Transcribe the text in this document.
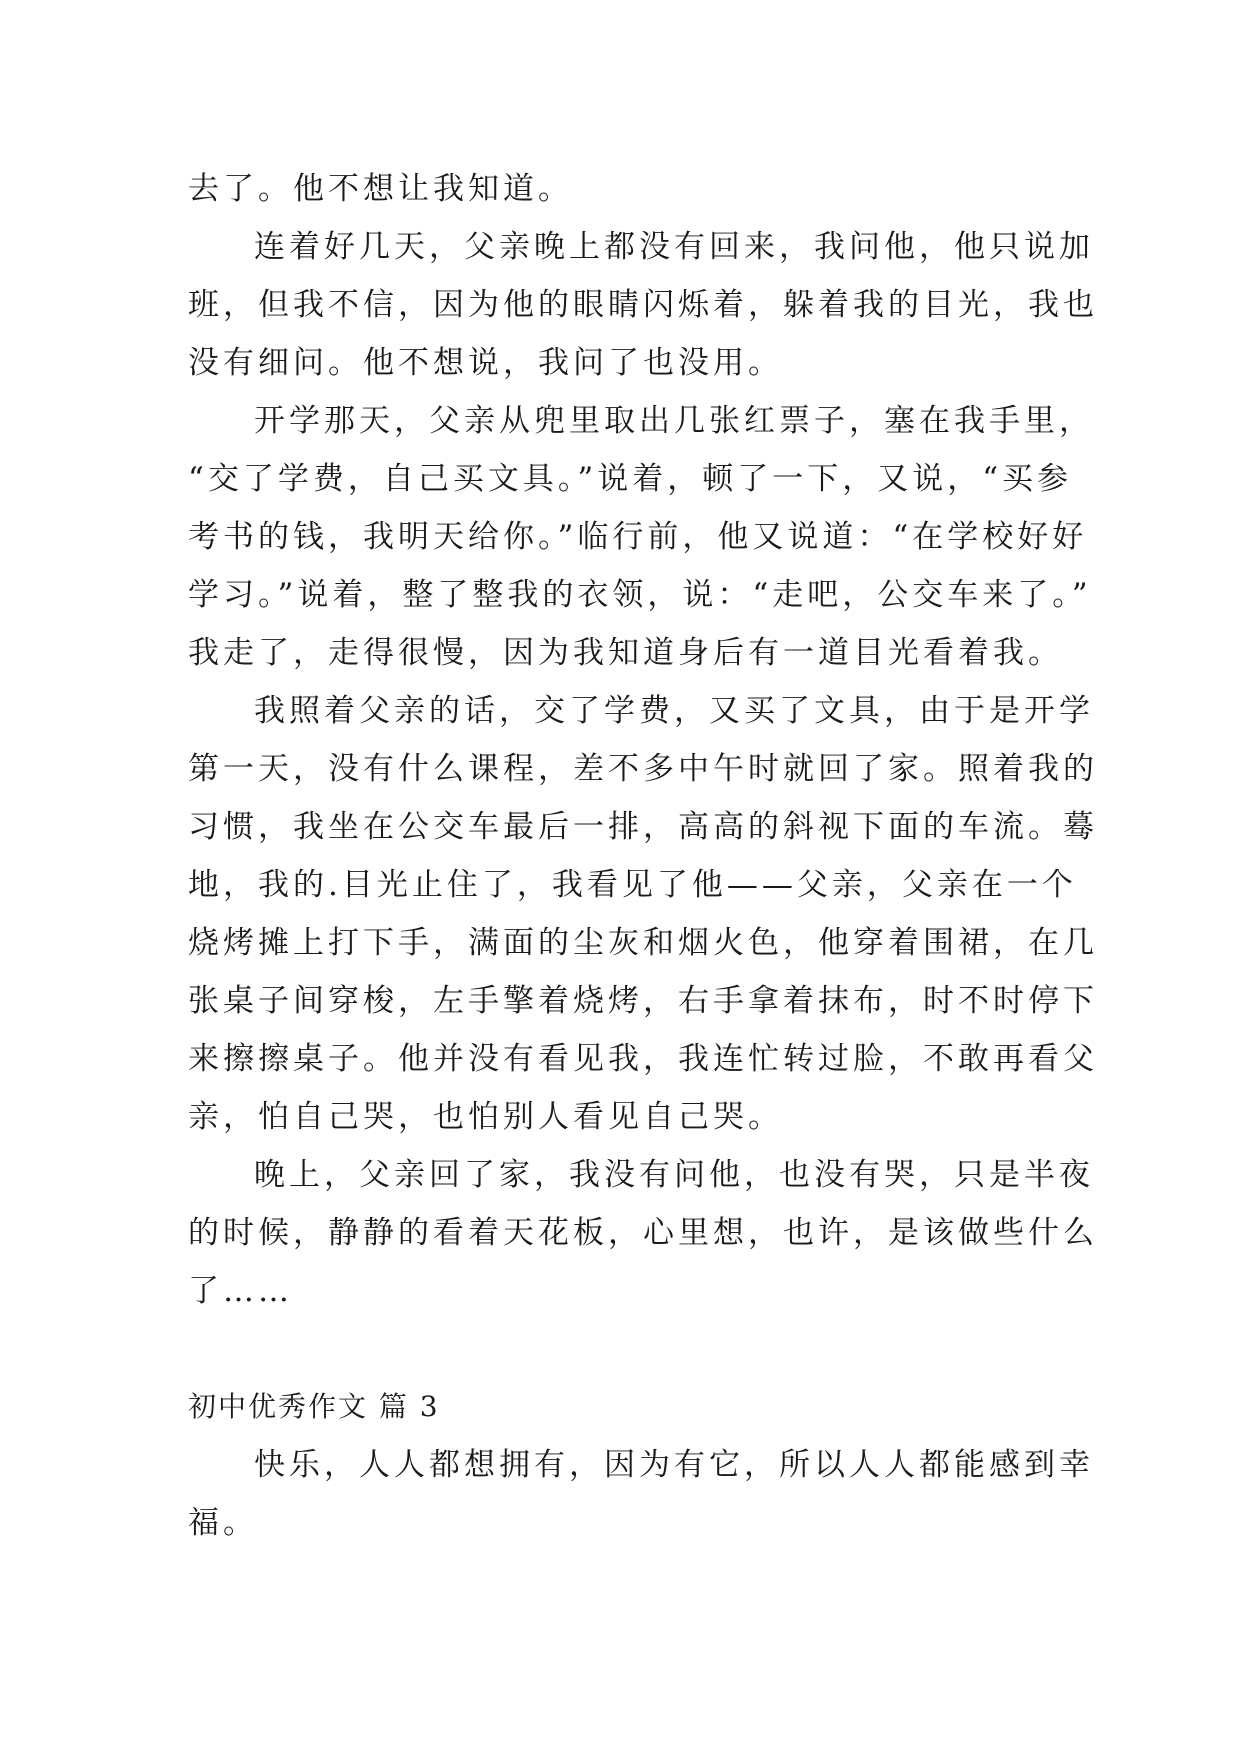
去了。他不想让我知道。
连着好几天，父亲晚上都没有回来，我问他，他只说加
班，但我不信，因为他的眼睛闪烁着，躲着我的目光，我也
没有细问。他不想说，我问了也没用。
开学那天，父亲从兜里取出几张红票子，塞在我手里，
“交了学费，自己买文具。”说着，顿了一下，又说，“买参
考书的钱，我明天给你。”临行前，他又说道：“在学校好好
学习。”说着，整了整我的衣领，说：“走吧，公交车来了。”
我走了，走得很慢，因为我知道身后有一道目光看着我。
我照着父亲的话，交了学费，又买了文具，由于是开学
第一天，没有什么课程，差不多中午时就回了家。照着我的
习惯，我坐在公交车最后一排，高高的斜视下面的车流。蓦
地，我的.目光止住了，我看见了他——父亲，父亲在一个
烧烤摊上打下手，满面的尘灰和烟火色，他穿着围裙，在几
张桌子间穿梭，左手擎着烧烤，右手拿着抹布，时不时停下
来擦擦桌子。他并没有看见我，我连忙转过脸，不敢再看父
亲，怕自己哭，也怕别人看见自己哭。
晚上，父亲回了家，我没有问他，也没有哭，只是半夜
的时候，静静的看着天花板，心里想，也许，是该做些什么
了……
初中优秀作文 篇 3
快乐，人人都想拥有，因为有它，所以人人都能感到幸
福。
